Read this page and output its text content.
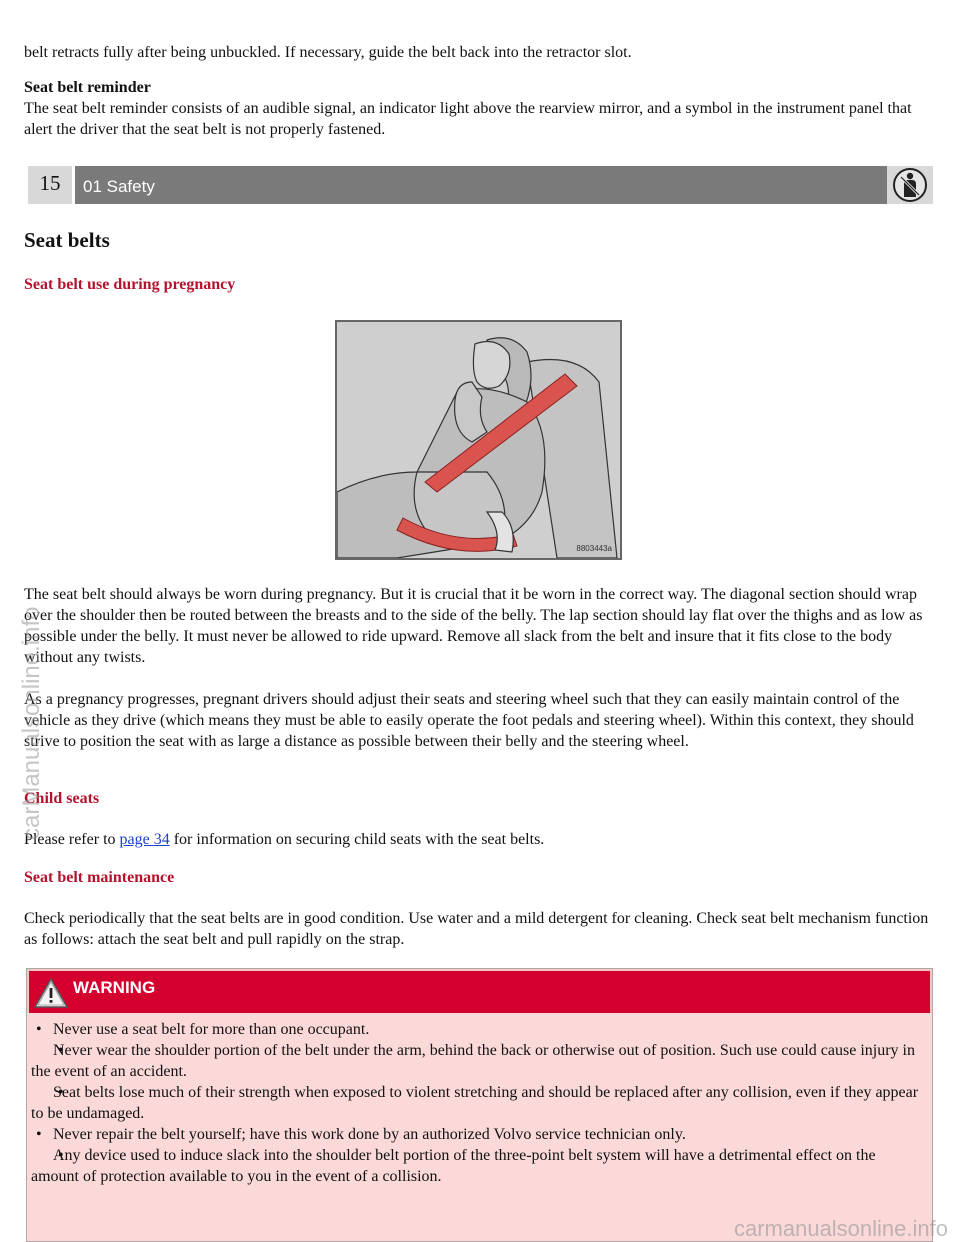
belt retracts fully after being unbuckled. If necessary, guide the belt back into the retractor slot.

Seat belt reminder

The seat belt reminder consists of an audible signal, an indicator light above the rearview mirror, and a symbol in the instrument panel that alert the driver that the seat belt is not properly fastened.

15	01 Safety
Seat belts
Seat belt use during pregnancy
8803443a

The seat belt should always be worn during pregnancy. But it is crucial that it be worn in the correct way. The diagonal section should wrap over the shoulder then be routed between the breasts and to the side of the belly. The lap section should lay flat over the thighs and as low as possible under the belly. It must never be allowed to ride upward. Remove all slack from the belt and insure that it fits close to the body without any twists.

As a pregnancy progresses, pregnant drivers should adjust their seats and steering wheel such that they can easily maintain control of the vehicle as they drive (which means they must be able to easily operate the foot pedals and steering wheel). Within this context, they should strive to position the seat with as large a distance as possible between their belly and the steering wheel.

Child seats

Please refer to page 34 for information on securing child seats with the seat belts.

Seat belt maintenance

Check periodically that the seat belts are in good condition. Use water and a mild detergent for cleaning. Check seat belt mechanism function as follows: attach the seat belt and pull rapidly on the strap.

WARNING
• Never use a seat belt for more than one occupant.
• Never wear the shoulder portion of the belt under the arm, behind the back or otherwise out of position. Such use could cause injury in the event of an accident.
• Seat belts lose much of their strength when exposed to violent stretching and should be replaced after any collision, even if they appear to be undamaged.
• Never repair the belt yourself; have this work done by an authorized Volvo service technician only.
• Any device used to induce slack into the shoulder belt portion of the three-point belt system will have a detrimental effect on the amount of protection available to you in the event of a collision.
carManualsonline.info
carmanualsonline.info
